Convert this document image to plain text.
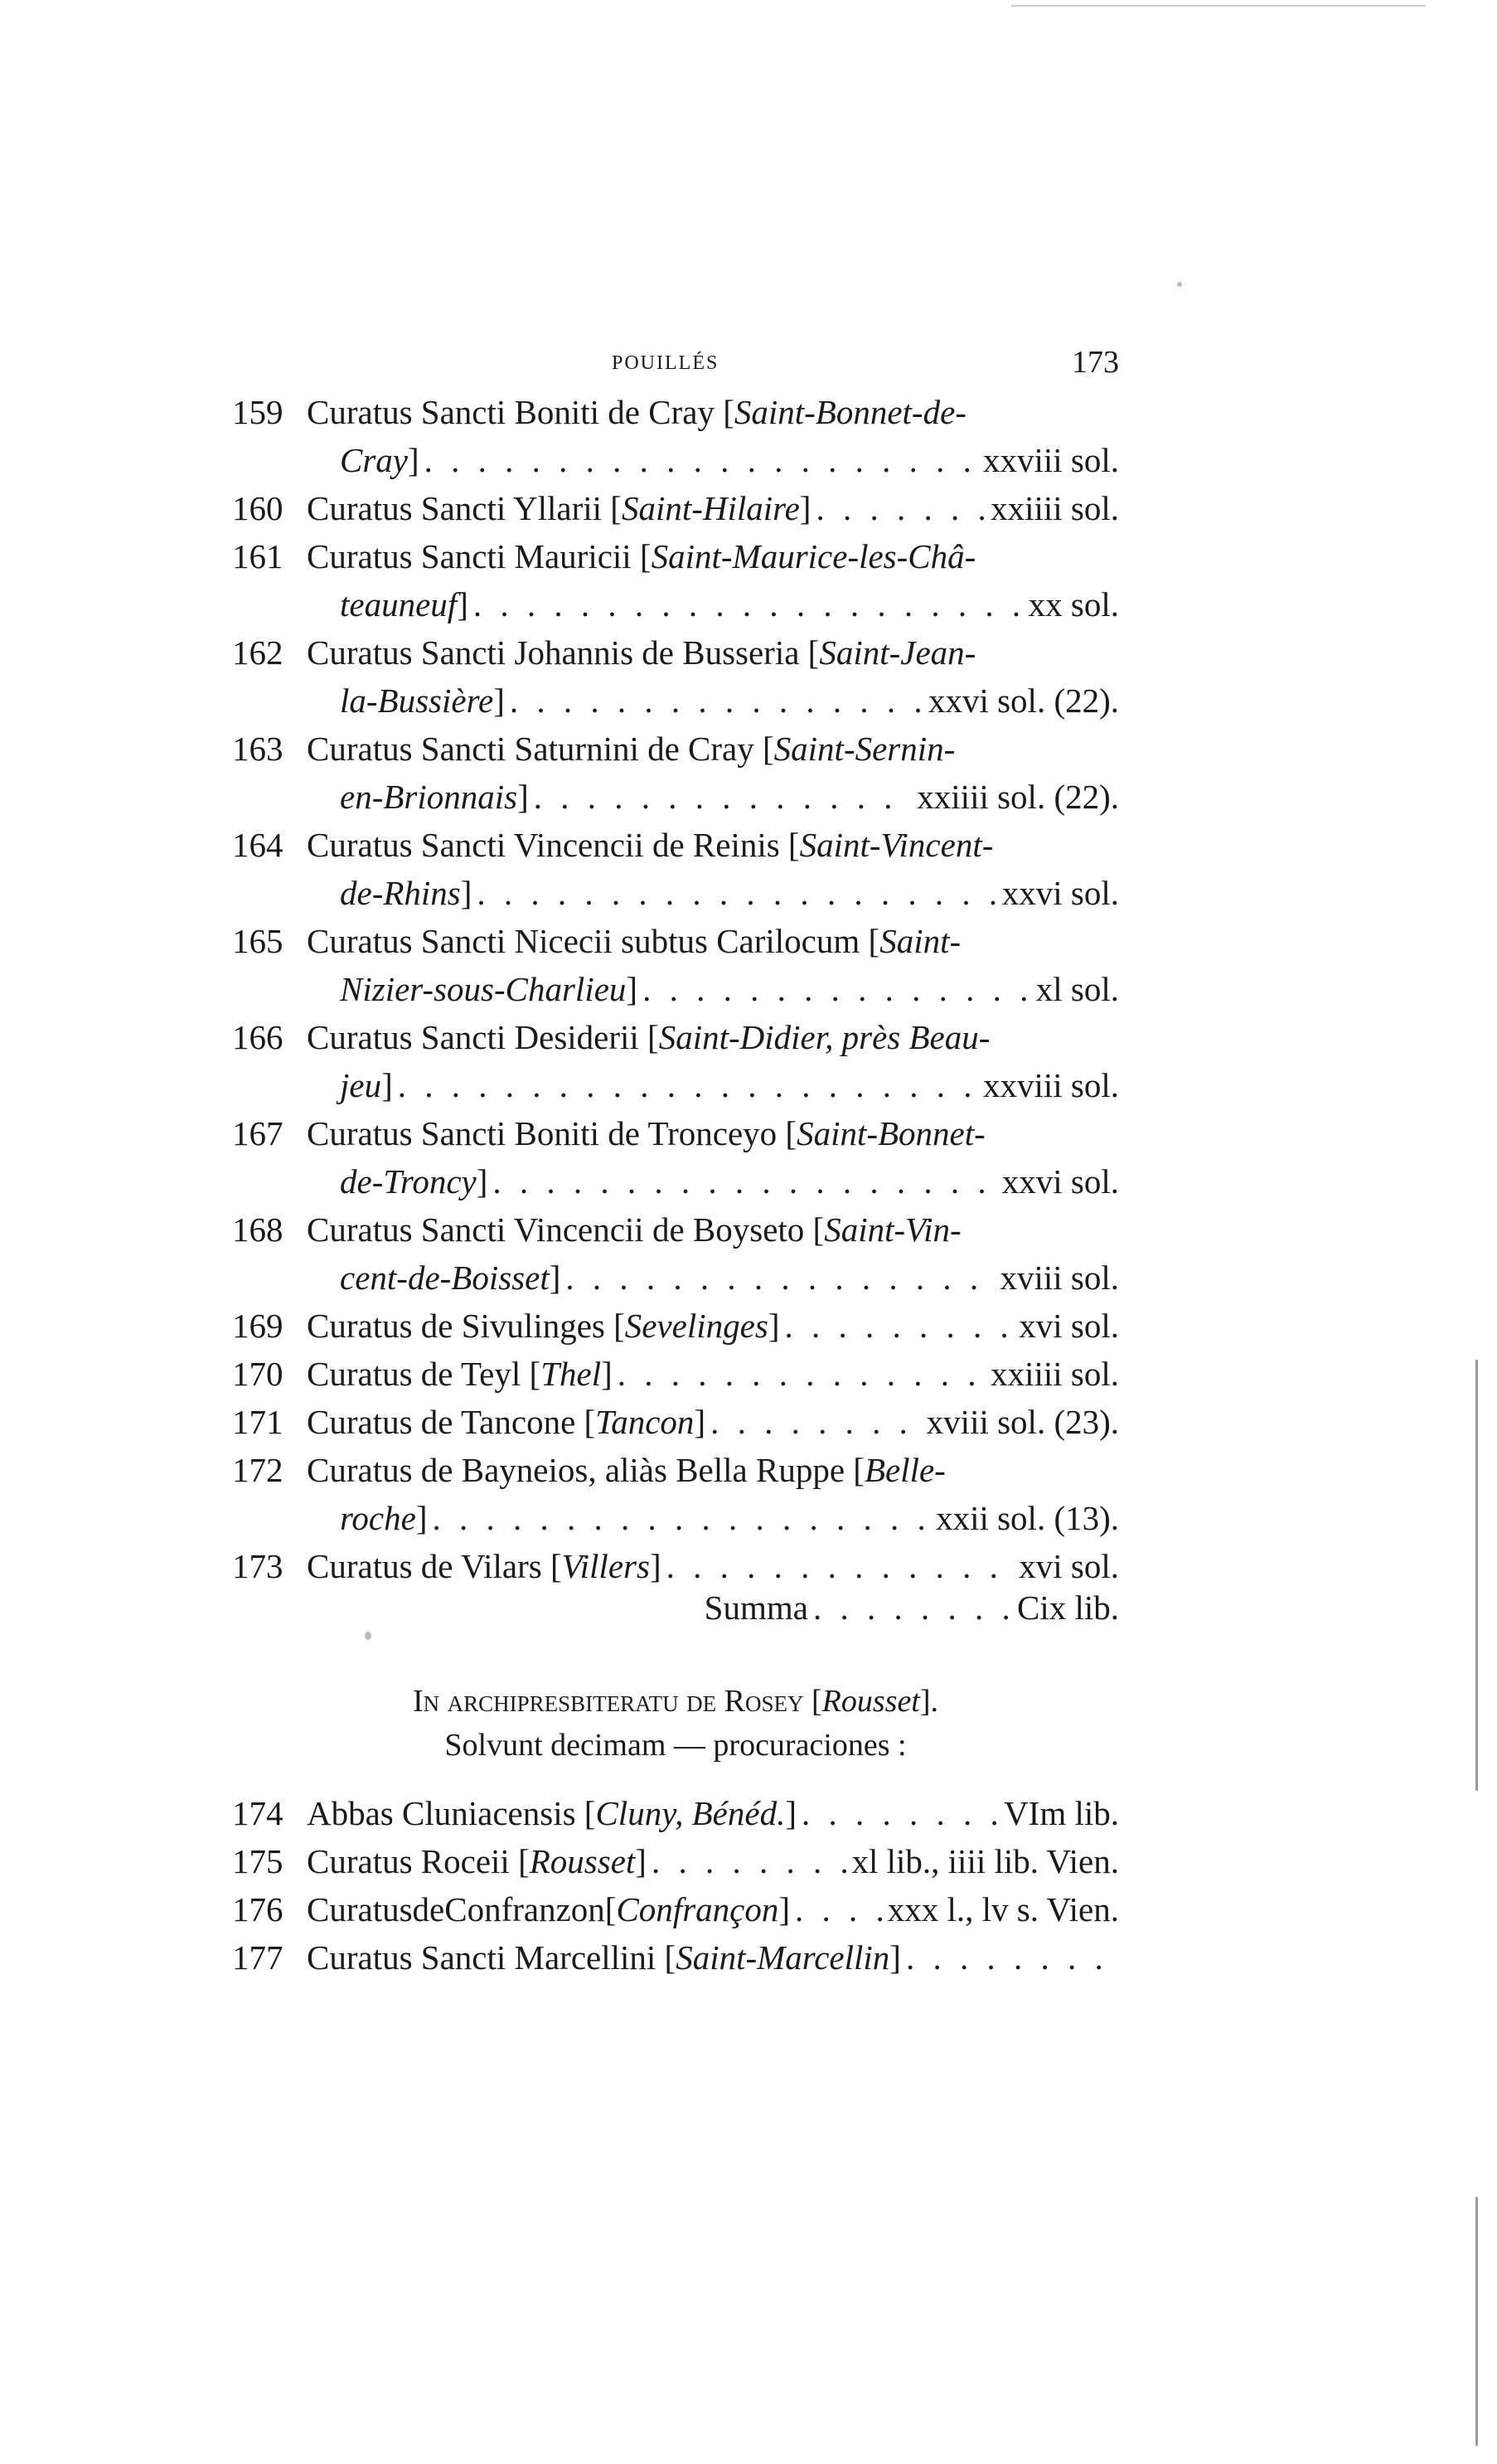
POUILLÉS	173
159 Curatus Sancti Boniti de Cray [Saint-Bonnet-de-
Cray] . . .	xxviii sol.
160 Curatus Sancti Yllarii [Saint-Hilaire] . . .	xxiiii sol.
161 Curatus Sancti Mauricii [Saint-Maurice-les-Châ-
teauneuf] . . .	xx sol.
162 Curatus Sancti Johannis de Busseria [Saint-Jean-
la-Bussière] . . .	xxvi sol. (22).
163 Curatus Sancti Saturnini de Cray [Saint-Sernin-
en-Brionnais] . . .	xxiiii sol. (22).
164 Curatus Sancti Vincencii de Reinis [Saint-Vincent-
de-Rhins] . . .	xxvi sol.
165 Curatus Sancti Nicecii subtus Carilocum [Saint-
Nizier-sous-Charlieu] . . .	xl sol.
166 Curatus Sancti Desiderii [Saint-Didier, près Beau-
jeu] . . .	xxviii sol.
167 Curatus Sancti Boniti de Tronceyo [Saint-Bonnet-
de-Troncy] . . .	xxvi sol.
168 Curatus Sancti Vincencii de Boyseto [Saint-Vin-
cent-de-Boisset] . . .	xviii sol.
169 Curatus de Sivulinges [Sevelinges] . . .	xvi sol.
170 Curatus de Teyl [Thel] . . .	xxiiii sol.
171 Curatus de Tancone [Tancon] . . .	xviii sol. (23).
172 Curatus de Bayneios, aliàs Bella Ruppe [Belle-
roche] . . .	xxii sol. (13).
173 Curatus de Vilars [Villers] . . .	xvi sol.
Summa . . .	Cix lib.
In archipresbiteratu de Rosey [Rousset].
Solvunt decimam — procuraciones :
174 Abbas Cluniacensis [Cluny, Bénéd.] . . .	VIm lib.
175 Curatus Roceii [Rousset] . . .	xl lib., iiii lib. Vien.
176 CuratusdeConfranzon[Confrançon] . . .	xxx l., lv s. Vien.
177 Curatus Sancti Marcellini [Saint-Marcellin]
. . .
